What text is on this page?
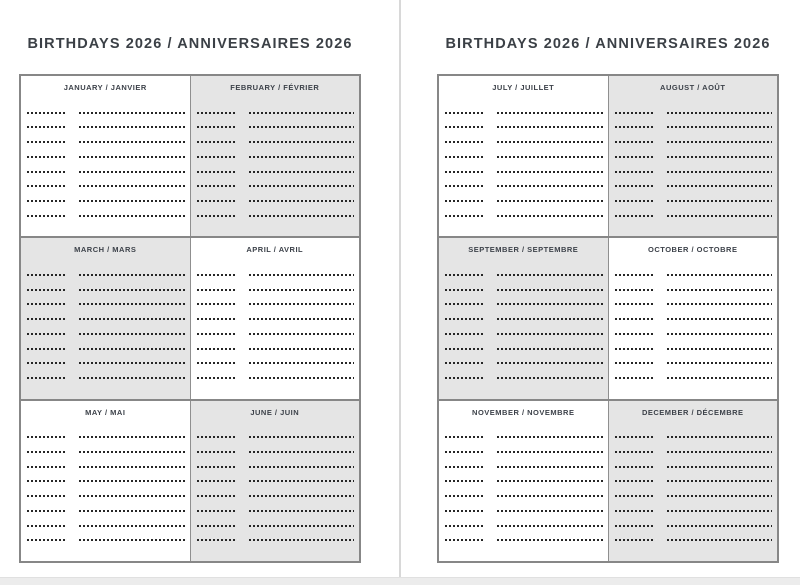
BIRTHDAYS 2026 / ANNIVERSAIRES 2026
JANUARY / JANVIER	FEBRUARY / FÉVRIER
MARCH / MARS	APRIL / AVRIL
MAY / MAI	JUNE / JUIN
BIRTHDAYS 2026 / ANNIVERSAIRES 2026
JULY / JUILLET	AUGUST / AOÛT
SEPTEMBER / SEPTEMBRE	OCTOBER / OCTOBRE
NOVEMBER / NOVEMBRE	DECEMBER / DÉCEMBRE
